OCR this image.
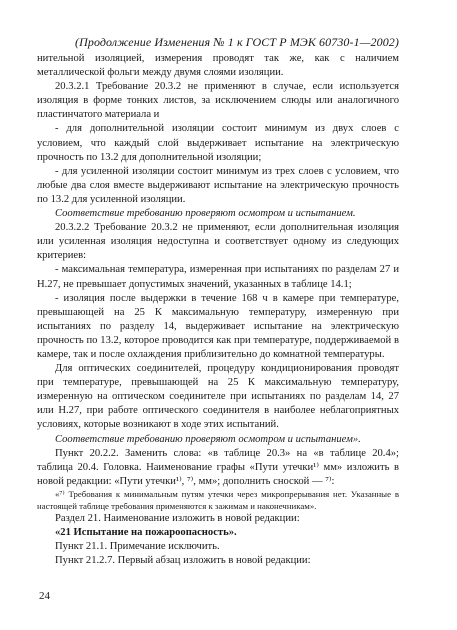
(Продолжение Изменения № 1 к ГОСТ Р МЭК 60730-1—2002)

нительной изоляцией, измерения проводят так же, как с наличием металлической фольги между двумя слоями изоляции.

20.3.2.1 Требование 20.3.2 не применяют в случае, если используется изоляция в форме тонких листов, за исключением слюды или аналогичного пластинчатого материала и

- для дополнительной изоляции состоит минимум из двух слоев с условием, что каждый слой выдерживает испытание на электрическую прочность по 13.2 для дополнительной изоляции;

- для усиленной изоляции состоит минимум из трех слоев с условием, что любые два слоя вместе выдерживают испытание на электрическую прочность по 13.2 для усиленной изоляции.

Соответствие требованию проверяют осмотром и испытанием.

20.3.2.2 Требование 20.3.2 не применяют, если дополнительная изоляция или усиленная изоляция недоступна и соответствует одному из следующих критериев:

- максимальная температура, измеренная при испытаниях по разделам 27 и Н.27, не превышает допустимых значений, указанных в таблице 14.1;

- изоляция после выдержки в течение 168 ч в камере при температуре, превышающей на 25 К максимальную температуру, измеренную при испытаниях по разделу 14, выдерживает испытание на электрическую прочность по 13.2, которое проводится как при температуре, поддерживаемой в камере, так и после охлаждения приблизительно до комнатной температуры.

Для оптических соединителей, процедуру кондиционирования проводят при температуре, превышающей на 25 К максимальную температуру, измеренную на оптическом соединителе при испытаниях по разделам 14, 27 или Н.27, при работе оптического соединителя в наиболее неблагоприятных условиях, которые возникают в ходе этих испытаний.

Соответствие требованию проверяют осмотром и испытанием».

Пункт 20.2.2. Заменить слова: «в таблице 20.3» на «в таблице 20.4»; таблица 20.4. Головка. Наименование графы «Пути утечки¹⁾ мм» изложить в новой редакции: «Пути утечки¹⁾, ⁷⁾, мм»; дополнить сноской — ⁷⁾:

«⁷⁾ Требования к минимальным путям утечки через микропрерывания нет. Указанные в настоящей таблице требования применяются к зажимам и наконечникам».

Раздел 21. Наименование изложить в новой редакции:

«21 Испытание на пожароопасность».

Пункт 21.1. Примечание исключить.

Пункт 21.2.7. Первый абзац изложить в новой редакции:

24
